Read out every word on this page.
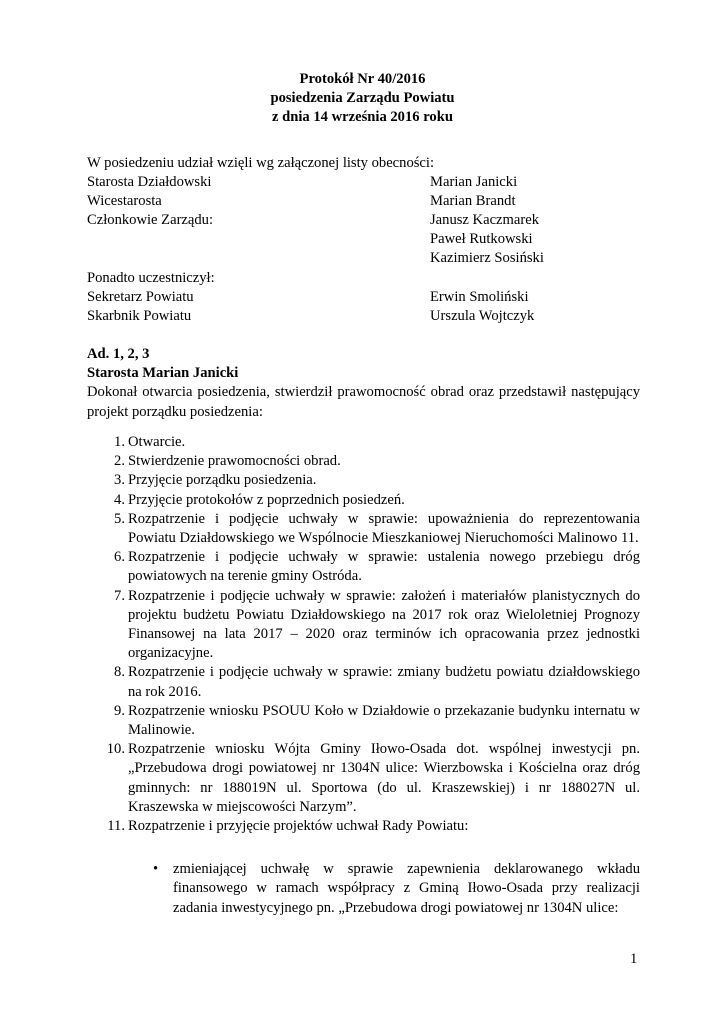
Protokół Nr 40/2016
posiedzenia Zarządu Powiatu
z dnia 14 września 2016 roku
W posiedzeniu udział wzięli wg załączonej listy obecności:
Starosta Działdowski	Marian Janicki
Wicestarosta	Marian Brandt
Członkowie Zarządu:	Janusz Kaczmarek
Paweł Rutkowski
Kazimierz Sosiński
Ponadto uczestniczył:
Sekretarz Powiatu	Erwin Smoliński
Skarbnik Powiatu	Urszula Wojtczyk
Ad. 1, 2, 3
Starosta Marian Janicki
Dokonał otwarcia posiedzenia, stwierdził prawomocność obrad oraz przedstawił następujący projekt porządku posiedzenia:
1. Otwarcie.
2. Stwierdzenie prawomocności obrad.
3. Przyjęcie porządku posiedzenia.
4. Przyjęcie protokołów z poprzednich posiedzeń.
5. Rozpatrzenie i podjęcie uchwały w sprawie: upoważnienia do reprezentowania Powiatu Działdowskiego we Wspólnocie Mieszkaniowej Nieruchomości Malinowo 11.
6. Rozpatrzenie i podjęcie uchwały w sprawie: ustalenia nowego przebiegu dróg powiatowych na terenie gminy Ostróda.
7. Rozpatrzenie i podjęcie uchwały w sprawie: założeń i materiałów planistycznych do projektu budżetu Powiatu Działdowskiego na 2017 rok oraz Wieloletniej Prognozy Finansowej na lata 2017 – 2020 oraz terminów ich opracowania przez jednostki organizacyjne.
8. Rozpatrzenie i podjęcie uchwały w sprawie: zmiany budżetu powiatu działdowskiego na rok 2016.
9. Rozpatrzenie wniosku PSOUU Koło w Działdowie o przekazanie budynku internatu w Malinowie.
10. Rozpatrzenie wniosku Wójta Gminy Iłowo-Osada dot. wspólnej inwestycji pn. „Przebudowa drogi powiatowej nr 1304N ulice: Wierzbowska i Kościelna oraz dróg gminnych: nr 188019N ul. Sportowa (do ul. Kraszewskiej) i nr 188027N ul. Kraszewska w miejscowości Narzym”.
11. Rozpatrzenie i przyjęcie projektów uchwał Rady Powiatu:
• zmieniającej uchwałę w sprawie zapewnienia deklarowanego wkładu finansowego w ramach współpracy z Gminą Iłowo-Osada przy realizacji zadania inwestycyjnego pn. „Przebudowa drogi powiatowej nr 1304N ulice:
1
